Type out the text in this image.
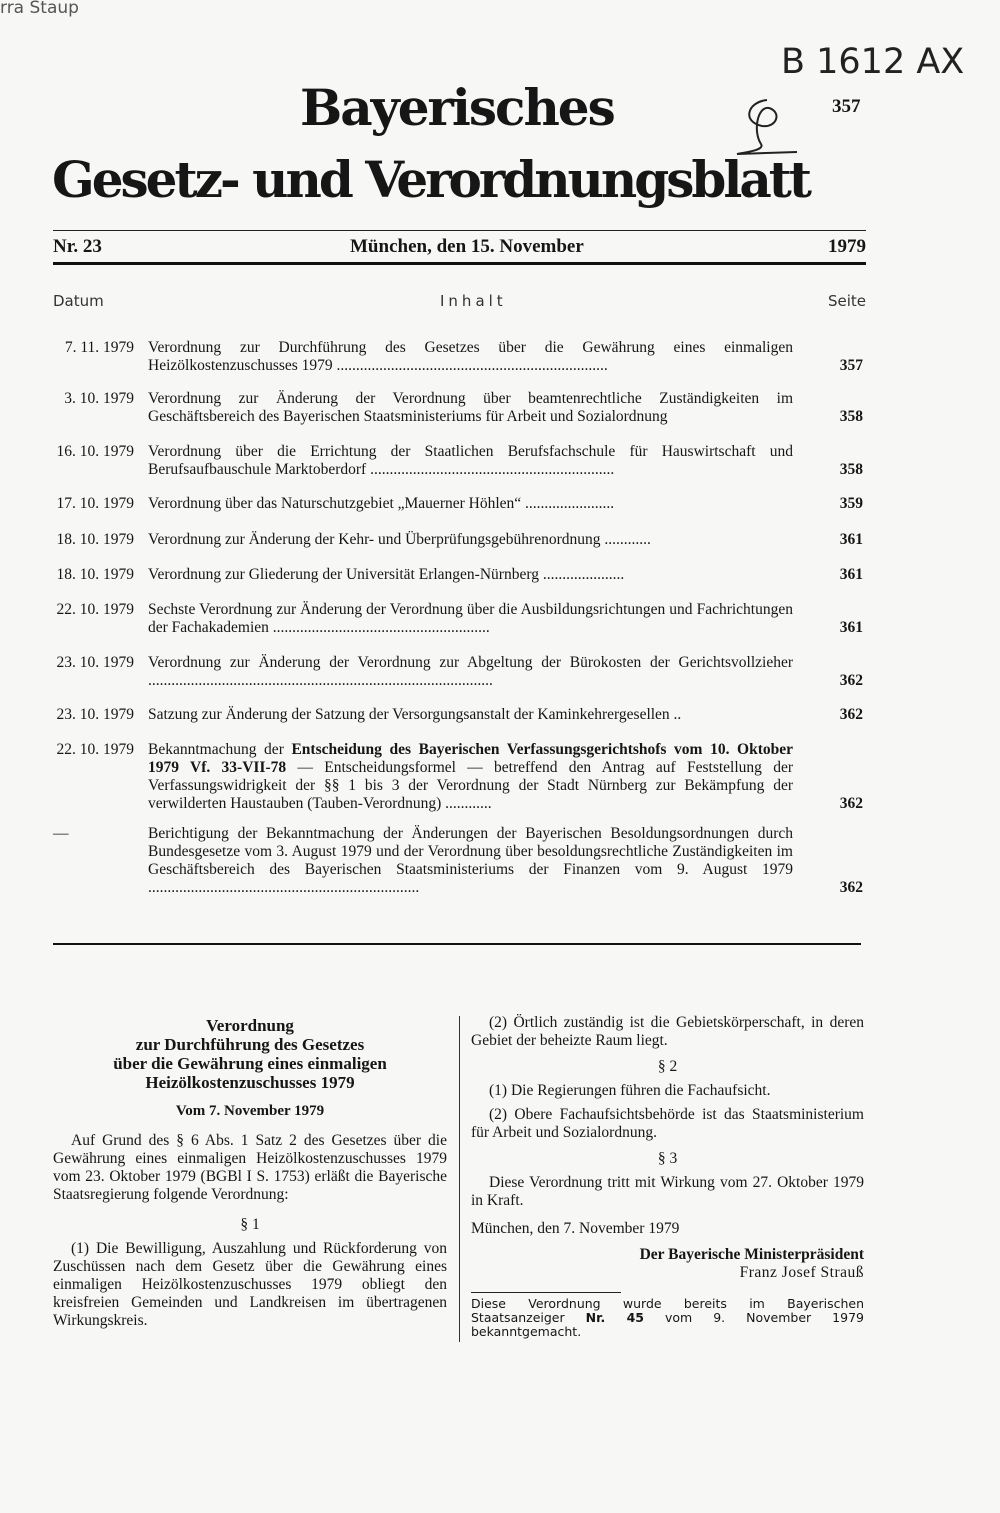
rra Staup
B 1612 AX
357
Bayerisches
Gesetz- und Verordnungsblatt
Nr. 23	München, den 15. November	1979
Datum	Inhalt	Seite
7. 11. 1979 Verordnung zur Durchführung des Gesetzes über die Gewährung eines einmaligen Heizölkostenzuschusses 1979 ......................................................................	357
3. 10. 1979 Verordnung zur Änderung der Verordnung über beamtenrechtliche Zuständigkeiten im Geschäftsbereich des Bayerischen Staatsministeriums für Arbeit und Sozialordnung	358
16. 10. 1979 Verordnung über die Errichtung der Staatlichen Berufsfachschule für Hauswirtschaft und Berufsaufbauschule Marktoberdorf ...............................................................	358
17. 10. 1979 Verordnung über das Naturschutzgebiet „Mauerner Höhlen“ .......................	359
18. 10. 1979 Verordnung zur Änderung der Kehr- und Überprüfungsgebührenordnung ............	361
18. 10. 1979 Verordnung zur Gliederung der Universität Erlangen-Nürnberg .....................	361
22. 10. 1979 Sechste Verordnung zur Änderung der Verordnung über die Ausbildungsrichtungen und Fachrichtungen der Fachakademien ........................................................	361
23. 10. 1979 Verordnung zur Änderung der Verordnung zur Abgeltung der Bürokosten der Gerichtsvollzieher .........................................................................................	362
23. 10. 1979 Satzung zur Änderung der Satzung der Versorgungsanstalt der Kaminkehrergesellen ..	362
22. 10. 1979 Bekanntmachung der Entscheidung des Bayerischen Verfassungsgerichtshofs vom 10. Oktober 1979 Vf. 33-VII-78 — Entscheidungsformel — betreffend den Antrag auf Feststellung der Verfassungswidrigkeit der §§ 1 bis 3 der Verordnung der Stadt Nürnberg zur Bekämpfung der verwilderten Haustauben (Tauben-Verordnung) ............	362
—	Berichtigung der Bekanntmachung der Änderungen der Bayerischen Besoldungsordnungen durch Bundesgesetze vom 3. August 1979 und der Verordnung über besoldungsrechtliche Zuständigkeiten im Geschäftsbereich des Bayerischen Staatsministeriums der Finanzen vom 9. August 1979 ......................................................................	362
Verordnung
zur Durchführung des Gesetzes
über die Gewährung eines einmaligen
Heizölkostenzuschusses 1979
Vom 7. November 1979

Auf Grund des § 6 Abs. 1 Satz 2 des Gesetzes über die Gewährung eines einmaligen Heizölkostenzuschusses 1979 vom 23. Oktober 1979 (BGBl I S. 1753) erläßt die Bayerische Staatsregierung folgende Verordnung:

§ 1

(1) Die Bewilligung, Auszahlung und Rückforderung von Zuschüssen nach dem Gesetz über die Gewährung eines einmaligen Heizölkostenzuschusses 1979 obliegt den kreisfreien Gemeinden und Landkreisen im übertragenen Wirkungskreis.

(2) Örtlich zuständig ist die Gebietskörperschaft, in deren Gebiet der beheizte Raum liegt.

§ 2

(1) Die Regierungen führen die Fachaufsicht.

(2) Obere Fachaufsichtsbehörde ist das Staatsministerium für Arbeit und Sozialordnung.

§ 3

Diese Verordnung tritt mit Wirkung vom 27. Oktober 1979 in Kraft.

München, den 7. November 1979
Der Bayerische Ministerpräsident
Franz Josef Strauß
Diese Verordnung wurde bereits im Bayerischen Staatsanzeiger Nr. 45 vom 9. November 1979 bekanntgemacht.
